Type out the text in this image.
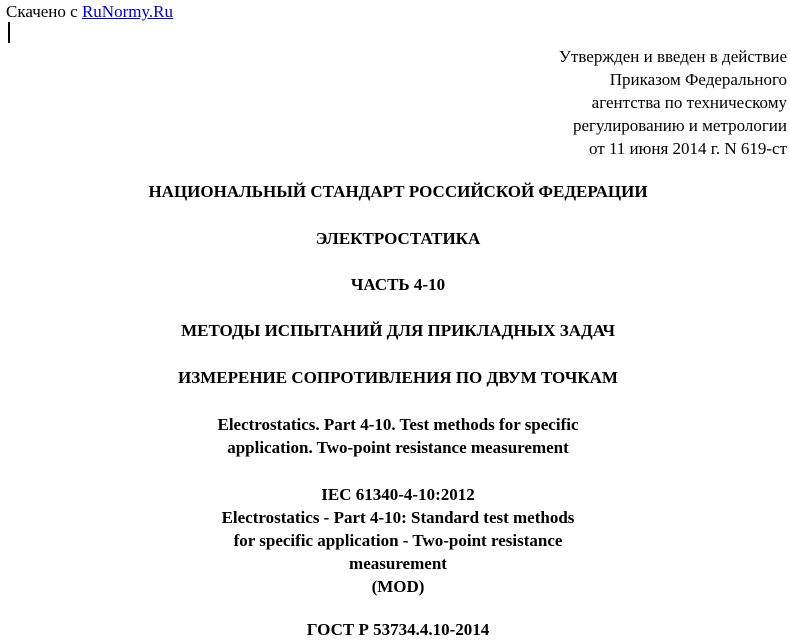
Скачено с RuNormy.Ru
Утвержден и введен в действие
Приказом Федерального
агентства по техническому
регулированию и метрологии
от 11 июня 2014 г. N 619-ст
НАЦИОНАЛЬНЫЙ СТАНДАРТ РОССИЙСКОЙ ФЕДЕРАЦИИ
ЭЛЕКТРОСТАТИКА
ЧАСТЬ 4-10
МЕТОДЫ ИСПЫТАНИЙ ДЛЯ ПРИКЛАДНЫХ ЗАДАЧ
ИЗМЕРЕНИЕ СОПРОТИВЛЕНИЯ ПО ДВУМ ТОЧКАМ
Electrostatics. Part 4-10. Test methods for specific
application. Two-point resistance measurement
IEC 61340-4-10:2012
Electrostatics - Part 4-10: Standard test methods
for specific application - Two-point resistance
measurement
(MOD)
ГОСТ Р 53734.4.10-2014
